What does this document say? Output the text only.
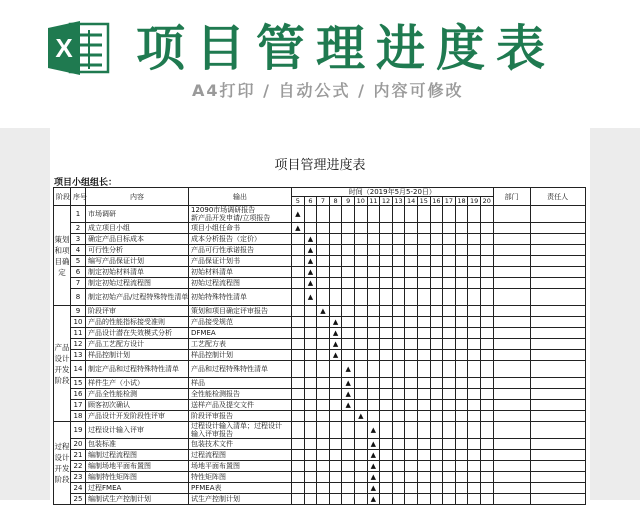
X 项目管理进度表
A4打印 / 自动公式 / 内容可修改
项目管理进度表
项目小组组长：
阶段	序号	内容	输出	时间（2019年5月5-20日）																部门	责任人
				5	6	7	8	9	10	11	12	13	14	15	16	17	18	19	20		
策划和项目确定	1	市场调研	12090市场调研报告
新产品开发申请/立项报告	▲																	
	2	成立项目小组	项目小组任命书	▲																	
	3	确定产品目标成本	成本分析报告（定价）		▲																
	4	可行性分析	产品可行性承诺报告		▲																
	5	编写产品保证计划	产品保证计划书		▲																
	6	制定初始材料清单	初始材料清单		▲																
	7	制定初始过程流程图	初始过程流程图		▲																
	8	制定初始产品/过程特殊特性清单	初始特殊特性清单		▲																
产品设计开发阶段	9	阶段评审	策划和项目确定评审报告			▲															
	10	产品的性能指标接受准则	产品接受规范				▲														
	11	产品设计潜在失效模式分析	DFMEA				▲														
	12	产品工艺配方设计	工艺配方表				▲														
	13	样品控制计划	样品控制计划				▲														
	14	制定产品和过程特殊特性清单	产品和过程特殊特性清单					▲													
	15	样件生产（小试）	样品					▲													
	16	产品全性能检测	全性能检测报告					▲													
	17	顾客初次确认	送样产品及提交文件					▲													
	18	产品设计开发阶段性评审	阶段评审报告						▲												
过程设计开发阶段	19	过程设计输入评审	过程设计输入清单；过程设计
输入评审报告							▲											
	20	包装标准	包装技术文件							▲											
	21	编制过程流程图	过程流程图							▲											
	22	编制场地平面布置图	场地平面布置图							▲											
	23	编制特性矩阵图	特性矩阵图							▲											
	24	过程FMEA	PFMEA表							▲											
	25	编制试生产控制计划	试生产控制计划							▲											
